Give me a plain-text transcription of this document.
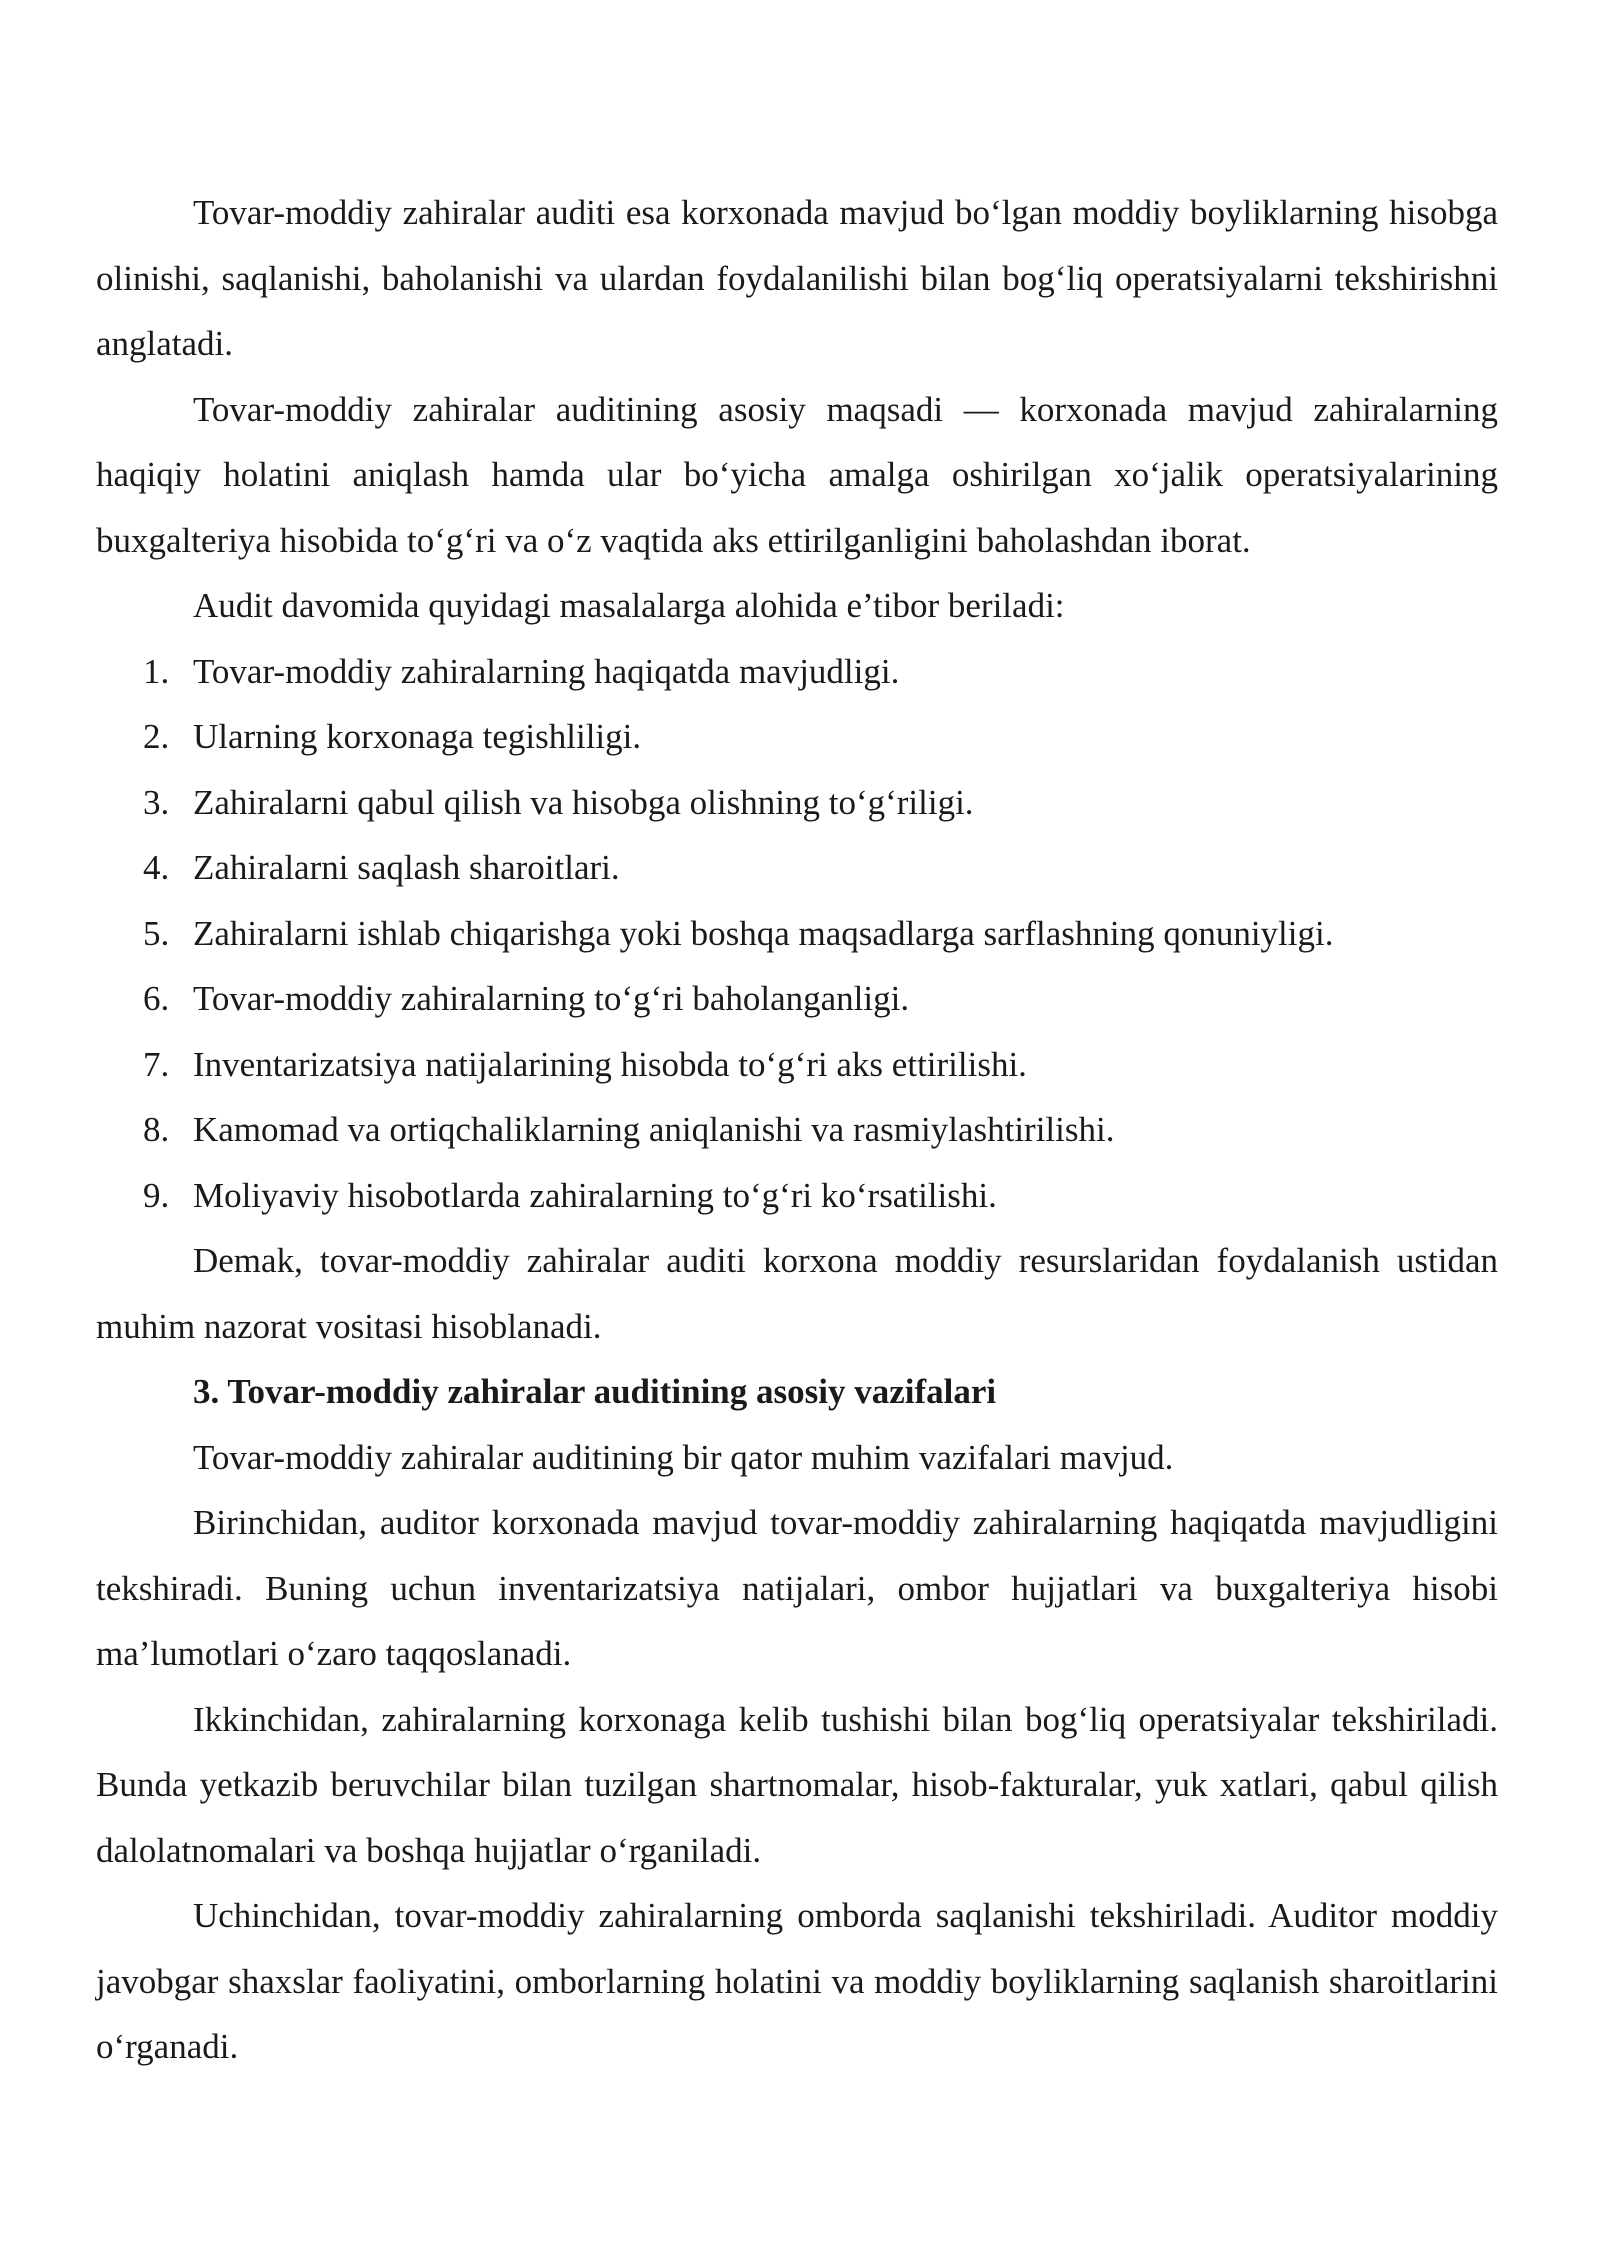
Tovar-moddiy zahiralar auditi esa korxonada mavjud bo‘lgan moddiy boyliklarning hisobga olinishi, saqlanishi, baholanishi va ulardan foydalanilishi bilan bog‘liq operatsiyalarni tekshirishni anglatadi.

Tovar-moddiy zahiralar auditining asosiy maqsadi — korxonada mavjud zahiralarning haqiqiy holatini aniqlash hamda ular bo‘yicha amalga oshirilgan xo‘jalik operatsiyalarining buxgalteriya hisobida to‘g‘ri va o‘z vaqtida aks ettirilganligini baholashdan iborat.

Audit davomida quyidagi masalalarga alohida e’tibor beriladi:

1. Tovar-moddiy zahiralarning haqiqatda mavjudligi.
2. Ularning korxonaga tegishliligi.
3. Zahiralarni qabul qilish va hisobga olishning to‘g‘riligi.
4. Zahiralarni saqlash sharoitlari.
5. Zahiralarni ishlab chiqarishga yoki boshqa maqsadlarga sarflashning qonuniyligi.
6. Tovar-moddiy zahiralarning to‘g‘ri baholanganligi.
7. Inventarizatsiya natijalarining hisobda to‘g‘ri aks ettirilishi.
8. Kamomad va ortiqchaliklarning aniqlanishi va rasmiylashtirilishi.
9. Moliyaviy hisobotlarda zahiralarning to‘g‘ri ko‘rsatilishi.

Demak, tovar-moddiy zahiralar auditi korxona moddiy resurslaridan foydalanish ustidan muhim nazorat vositasi hisoblanadi.

3. Tovar-moddiy zahiralar auditining asosiy vazifalari

Tovar-moddiy zahiralar auditining bir qator muhim vazifalari mavjud.

Birinchidan, auditor korxonada mavjud tovar-moddiy zahiralarning haqiqatda mavjudligini tekshiradi. Buning uchun inventarizatsiya natijalari, ombor hujjatlari va buxgalteriya hisobi ma’lumotlari o‘zaro taqqoslanadi.

Ikkinchidan, zahiralarning korxonaga kelib tushishi bilan bog‘liq operatsiyalar tekshiriladi. Bunda yetkazib beruvchilar bilan tuzilgan shartnomalar, hisob-fakturalar, yuk xatlari, qabul qilish dalolatnomalari va boshqa hujjatlar o‘rganiladi.

Uchinchidan, tovar-moddiy zahiralarning omborda saqlanishi tekshiriladi. Auditor moddiy javobgar shaxslar faoliyatini, omborlarning holatini va moddiy boyliklarning saqlanish sharoitlarini o‘rganadi.
